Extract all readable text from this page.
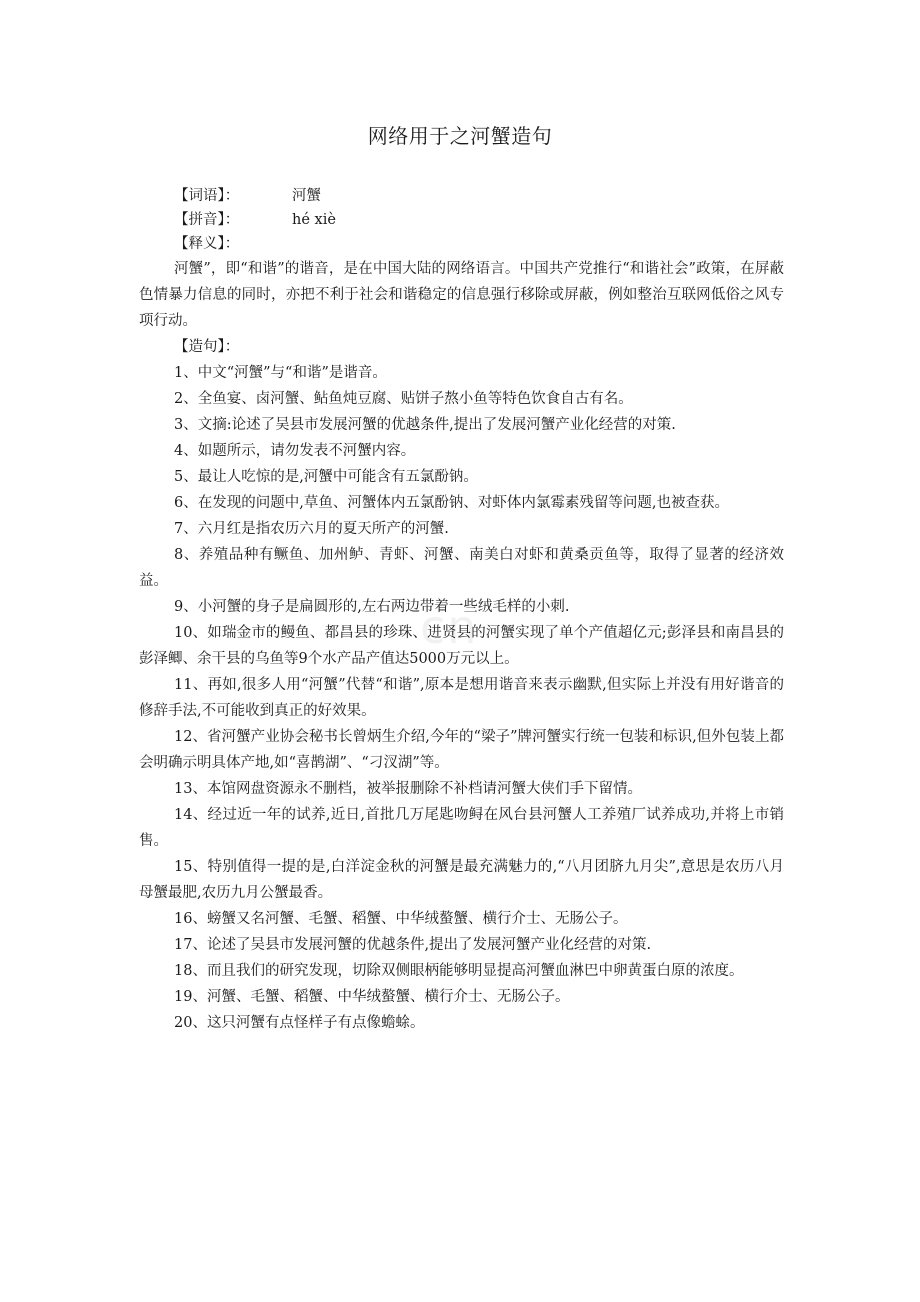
网络用于之河蟹造句
【词语】：	河蟹
【拼音】：	hé xiè
【释义】：

河蟹”，即“和谐”的谐音，是在中国大陆的网络语言。中国共产党推行“和谐社会”政策，在屏蔽色情暴力信息的同时，亦把不利于社会和谐稳定的信息强行移除或屏蔽，例如整治互联网低俗之风专项行动。

【造句】：

1、中文“河蟹”与“和谐”是谐音。

2、全鱼宴、卤河蟹、鲇鱼炖豆腐、贴饼子熬小鱼等特色饮食自古有名。

3、文摘:论述了吴县市发展河蟹的优越条件,提出了发展河蟹产业化经营的对策.

4、如题所示，请勿发表不河蟹内容。

5、最让人吃惊的是,河蟹中可能含有五氯酚钠。

6、在发现的问题中,草鱼、河蟹体内五氯酚钠、对虾体内氯霉素残留等问题,也被查获。

7、六月红是指农历六月的夏天所产的河蟹.

8、养殖品种有鳜鱼、加州鲈、青虾、河蟹、南美白对虾和黄桑贡鱼等，取得了显著的经济效益。

9、小河蟹的身子是扁圆形的,左右两边带着一些绒毛样的小刺.

10、如瑞金市的鳗鱼、都昌县的珍珠、进贤县的河蟹实现了单个产值超亿元;彭泽县和南昌县的彭泽鲫、余干县的乌鱼等9个水产品产值达5000万元以上。

11、再如,很多人用“河蟹”代替“和谐”,原本是想用谐音来表示幽默,但实际上并没有用好谐音的修辞手法,不可能收到真正的好效果。

12、省河蟹产业协会秘书长曾炳生介绍,今年的“梁子”牌河蟹实行统一包装和标识,但外包装上都会明确示明具体产地,如“喜鹊湖”、“刁汊湖”等。

13、本馆网盘资源永不删档，被举报删除不补档请河蟹大侠们手下留情。

14、经过近一年的试养,近日,首批几万尾匙吻鲟在风台县河蟹人工养殖厂试养成功,并将上市销售。

15、特别值得一提的是,白洋淀金秋的河蟹是最充满魅力的,“八月团脐九月尖”,意思是农历八月母蟹最肥,农历九月公蟹最香。

16、螃蟹又名河蟹、毛蟹、稻蟹、中华绒螯蟹、横行介士、无肠公子。

17、论述了吴县市发展河蟹的优越条件,提出了发展河蟹产业化经营的对策.

18、而且我们的研究发现，切除双侧眼柄能够明显提高河蟹血淋巴中卵黄蛋白原的浓度。

19、河蟹、毛蟹、稻蟹、中华绒螯蟹、横行介士、无肠公子。

20、这只河蟹有点怪样子有点像蟾蜍。

cn
